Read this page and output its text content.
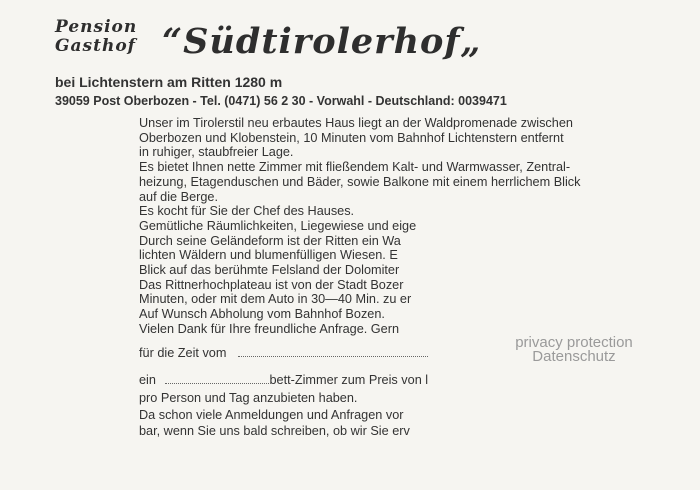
Pension
Gasthof “Südtirolerhof„
bei Lichtenstern am Ritten 1280 m
39059 Post Oberbozen - Tel. (0471) 56 2 30 - Vorwahl - Deutschland: 0039471

Unser im Tirolerstil neu erbautes Haus liegt an der Waldpromenade zwischen

Oberbozen und Klobenstein, 10 Minuten vom Bahnhof Lichtenstern entfernt

in ruhiger, staubfreier Lage.

Es bietet Ihnen nette Zimmer mit fließendem Kalt- und Warmwasser, Zentral-

heizung, Etagenduschen und Bäder, sowie Balkone mit einem herrlichem Blick

auf die Berge.

Es kocht für Sie der Chef des Hauses.

Gemütliche Räumlichkeiten, Liegewiese und eige

Durch seine Geländeform ist der Ritten ein Wa

lichten Wäldern und blumenfülligen Wiesen. E

Blick auf das berühmte Felsland der Dolomiter

Das Rittnerhochplateau ist von der Stadt Bozer

Minuten, oder mit dem Auto in 30—40 Min. zu er

Auf Wunsch Abholung vom Bahnhof Bozen.

Vielen Dank für Ihre freundliche Anfrage. Gern

für die Zeit vom
ein	bett-Zimmer zum Preis von l
pro Person und Tag anzubieten haben.
Da schon viele Anmeldungen und Anfragen vor
bar, wenn Sie uns bald schreiben, ob wir Sie erv
privacy protection
Datenschutz
